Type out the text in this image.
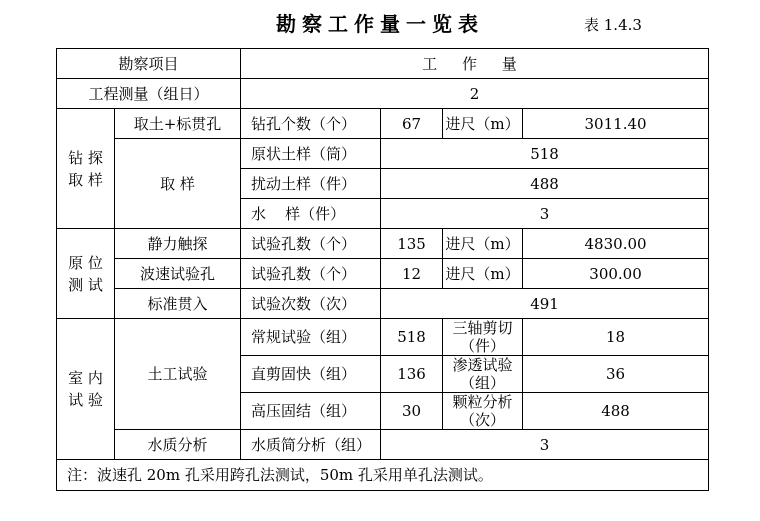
勘察工作量一览表	表 1.4.3
勘察项目		工 作 量			
工程测量（组日）		2			

钻 探
取 样	取土+标贯孔	钻孔个数（个）	67	进尺（m）	3011.40
	取 样	原状土样（筒）	518		
		扰动土样（件）	488		
		水    样（件）	3		

原 位
测 试	静力触探	试验孔数（个）	135	进尺（m）	4830.00
	波速试验孔	试验孔数（个）	12	进尺（m）	300.00
	标准贯入	试验次数（次）	491		

室 内
试 验	土工试验	常规试验（组）	518	三轴剪切（件）	18
		直剪固快（组）	136	渗透试验（组）	36
		高压固结（组）	30	颗粒分析（次）	488
	水质分析	水质简分析（组）	3		
注：波速孔 20m 孔采用跨孔法测试，50m 孔采用单孔法测试。					
